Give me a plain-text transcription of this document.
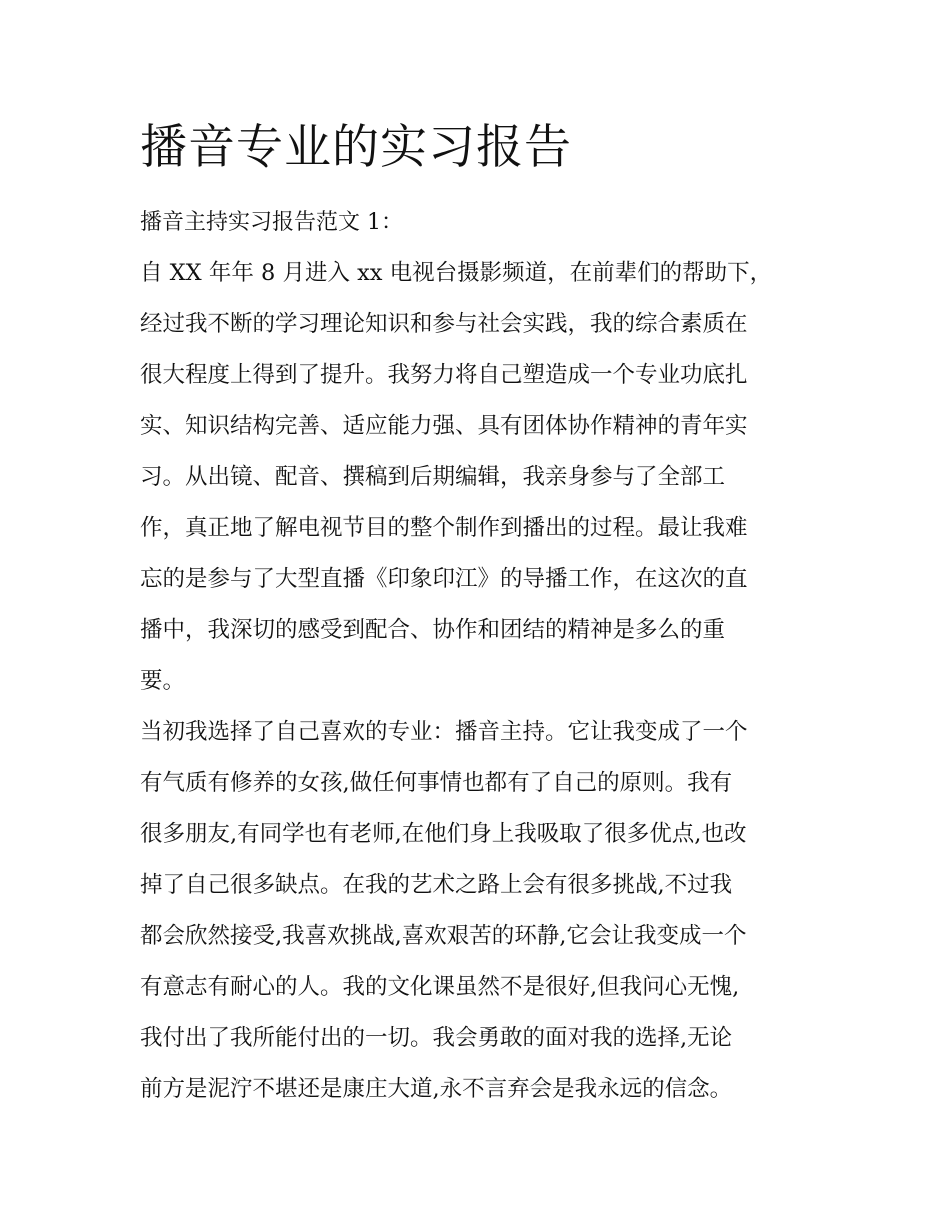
播音专业的实习报告
播音主持实习报告范文 1：
自 XX 年年 8 月进入 xx 电视台摄影频道，在前辈们的帮助下，
经过我不断的学习理论知识和参与社会实践，我的综合素质在
很大程度上得到了提升。我努力将自己塑造成一个专业功底扎
实、知识结构完善、适应能力强、具有团体协作精神的青年实
习。从出镜、配音、撰稿到后期编辑，我亲身参与了全部工
作，真正地了解电视节目的整个制作到播出的过程。最让我难
忘的是参与了大型直播《印象印江》的导播工作，在这次的直
播中，我深切的感受到配合、协作和团结的精神是多么的重
要。
当初我选择了自己喜欢的专业：播音主持。它让我变成了一个
有气质有修养的女孩,做任何事情也都有了自己的原则。我有
很多朋友,有同学也有老师,在他们身上我吸取了很多优点,也改
掉了自己很多缺点。在我的艺术之路上会有很多挑战,不过我
都会欣然接受,我喜欢挑战,喜欢艰苦的环静,它会让我变成一个
有意志有耐心的人。我的文化课虽然不是很好,但我问心无愧,
我付出了我所能付出的一切。我会勇敢的面对我的选择,无论
前方是泥泞不堪还是康庄大道,永不言弃会是我永远的信念。
